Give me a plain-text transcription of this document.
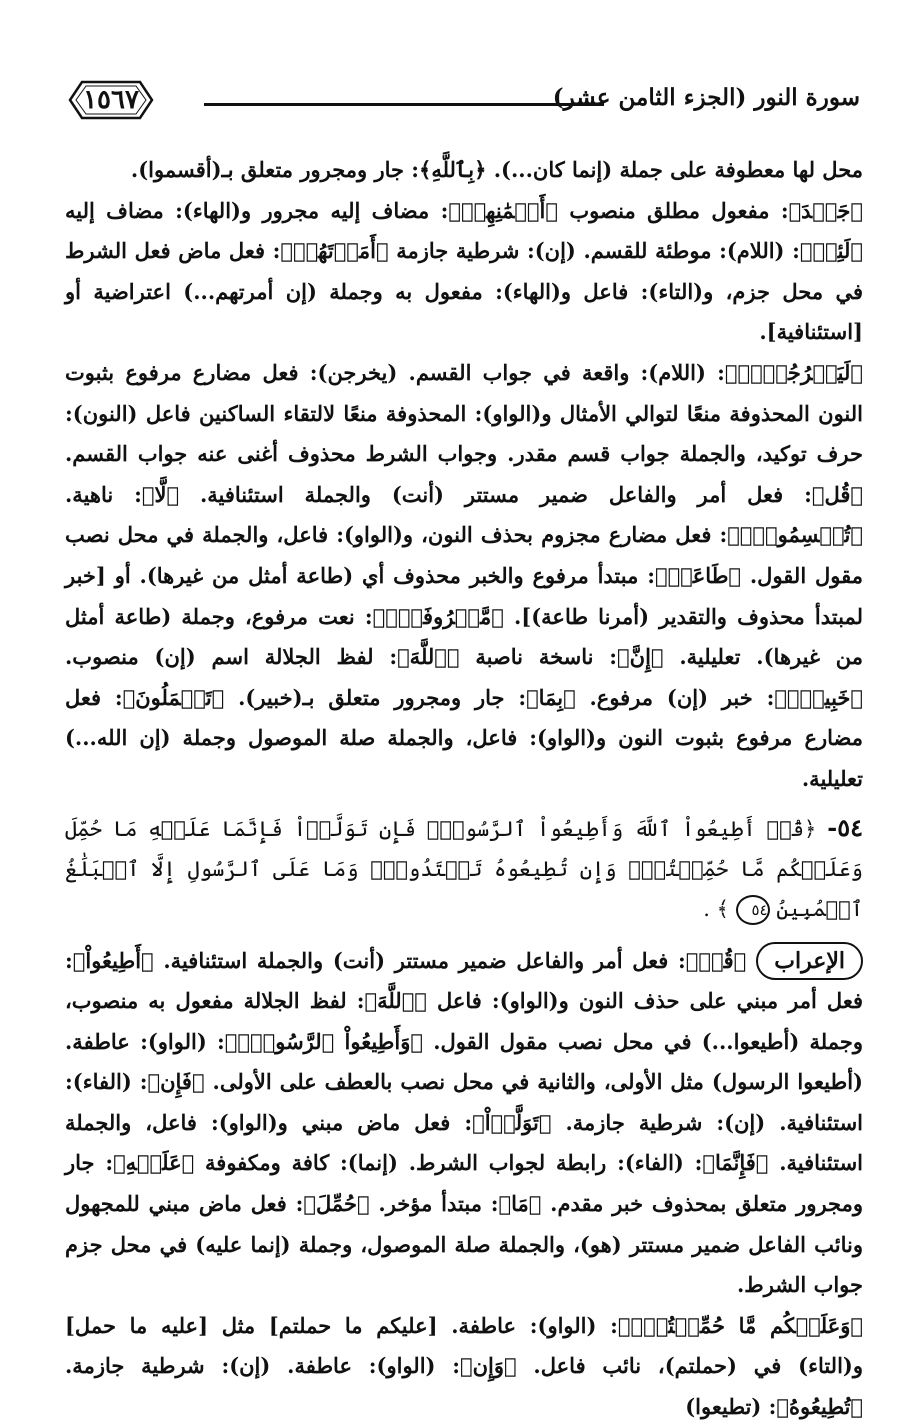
١٥٦٧	سورة النور (الجزء الثامن عشر)

محل لها معطوفة على جملة (إنما كان...). ﴿بِٱللَّهِ﴾: جار ومجرور متعلق بـ(أقسموا).

﴿جَهۡدَ﴾: مفعول مطلق منصوب ﴿أَيۡمَٰنِهِمۡ﴾: مضاف إليه مجرور و(الهاء): مضاف إليه ﴿لَئِنۡ﴾: (اللام): موطئة للقسم. (إن): شرطية جازمة ﴿أَمَرۡتَهُمۡ﴾: فعل ماض فعل الشرط في محل جزم، و(التاء): فاعل و(الهاء): مفعول به وجملة (إن أمرتهم...) اعتراضية أو [استئنافية].

﴿لَيَخۡرُجُنَّۖ﴾: (اللام): واقعة في جواب القسم. (يخرجن): فعل مضارع مرفوع بثبوت النون المحذوفة منعًا لتوالي الأمثال و(الواو): المحذوفة منعًا لالتقاء الساكنين فاعل (النون): حرف توكيد، والجملة جواب قسم مقدر. وجواب الشرط محذوف أغنى عنه جواب القسم. ﴿قُل﴾: فعل أمر والفاعل ضمير مستتر (أنت) والجملة استئنافية. ﴿لَّا﴾: ناهية. ﴿تُقۡسِمُواْۖ﴾: فعل مضارع مجزوم بحذف النون، و(الواو): فاعل، والجملة في محل نصب مقول القول. ﴿طَاعَةٞ﴾: مبتدأ مرفوع والخبر محذوف أي (طاعة أمثل من غيرها). أو [خبر لمبتدأ محذوف والتقدير (أمرنا طاعة)]. ﴿مَّعۡرُوفَةٌۚ﴾: نعت مرفوع، وجملة (طاعة أمثل من غيرها). تعليلية. ﴿إِنَّ﴾: ناسخة ناصبة ﴿ٱللَّهَ﴾: لفظ الجلالة اسم (إن) منصوب. ﴿خَبِيرُۢ﴾: خبر (إن) مرفوع. ﴿بِمَا﴾: جار ومجرور متعلق بـ(خبير). ﴿تَعۡمَلُونَ﴾: فعل مضارع مرفوع بثبوت النون و(الواو): فاعل، والجملة صلة الموصول وجملة (إن الله...) تعليلية.

٥٤- ﴿قُلۡ أَطِيعُواْ ٱللَّهَ وَأَطِيعُواْ ٱلرَّسُولَۖ فَإِن تَوَلَّوۡاْ فَإِنَّمَا عَلَيۡهِ مَا حُمِّلَ وَعَلَيۡكُم مَّا حُمِّلۡتُمۡۖ وَإِن تُطِيعُوهُ تَهۡتَدُواْۚ وَمَا عَلَى ٱلرَّسُولِ إِلَّا ٱلۡبَلَٰغُ ٱلۡمُبِينُ ٥٤ ﴾ .

الإعراب﴿قُلۡ﴾: فعل أمر والفاعل ضمير مستتر (أنت) والجملة استئنافية. ﴿أَطِيعُواْ﴾: فعل أمر مبني على حذف النون و(الواو): فاعل ﴿ٱللَّهَ﴾: لفظ الجلالة مفعول به منصوب، وجملة (أطيعوا...) في محل نصب مقول القول. ﴿وَأَطِيعُواْ ٱلرَّسُولَۖ﴾: (الواو): عاطفة. (أطيعوا الرسول) مثل الأولى، والثانية في محل نصب بالعطف على الأولى. ﴿فَإِن﴾: (الفاء): استئنافية. (إن): شرطية جازمة. ﴿تَوَلَّوۡاْ﴾: فعل ماض مبني و(الواو): فاعل، والجملة استئنافية. ﴿فَإِنَّمَا﴾: (الفاء): رابطة لجواب الشرط. (إنما): كافة ومكفوفة ﴿عَلَيۡهِ﴾: جار ومجرور متعلق بمحذوف خبر مقدم. ﴿مَا﴾: مبتدأ مؤخر. ﴿حُمِّلَ﴾: فعل ماض مبني للمجهول ونائب الفاعل ضمير مستتر (هو)، والجملة صلة الموصول، وجملة (إنما عليه) في محل جزم جواب الشرط.

﴿وَعَلَيۡكُم مَّا حُمِّلۡتُمۡۖ﴾: (الواو): عاطفة. [عليكم ما حملتم] مثل [عليه ما حمل] و(التاء) في (حملتم)، نائب فاعل. ﴿وَإِن﴾: (الواو): عاطفة. (إن): شرطية جازمة. ﴿تُطِيعُوهُ﴾: (تطيعوا)
